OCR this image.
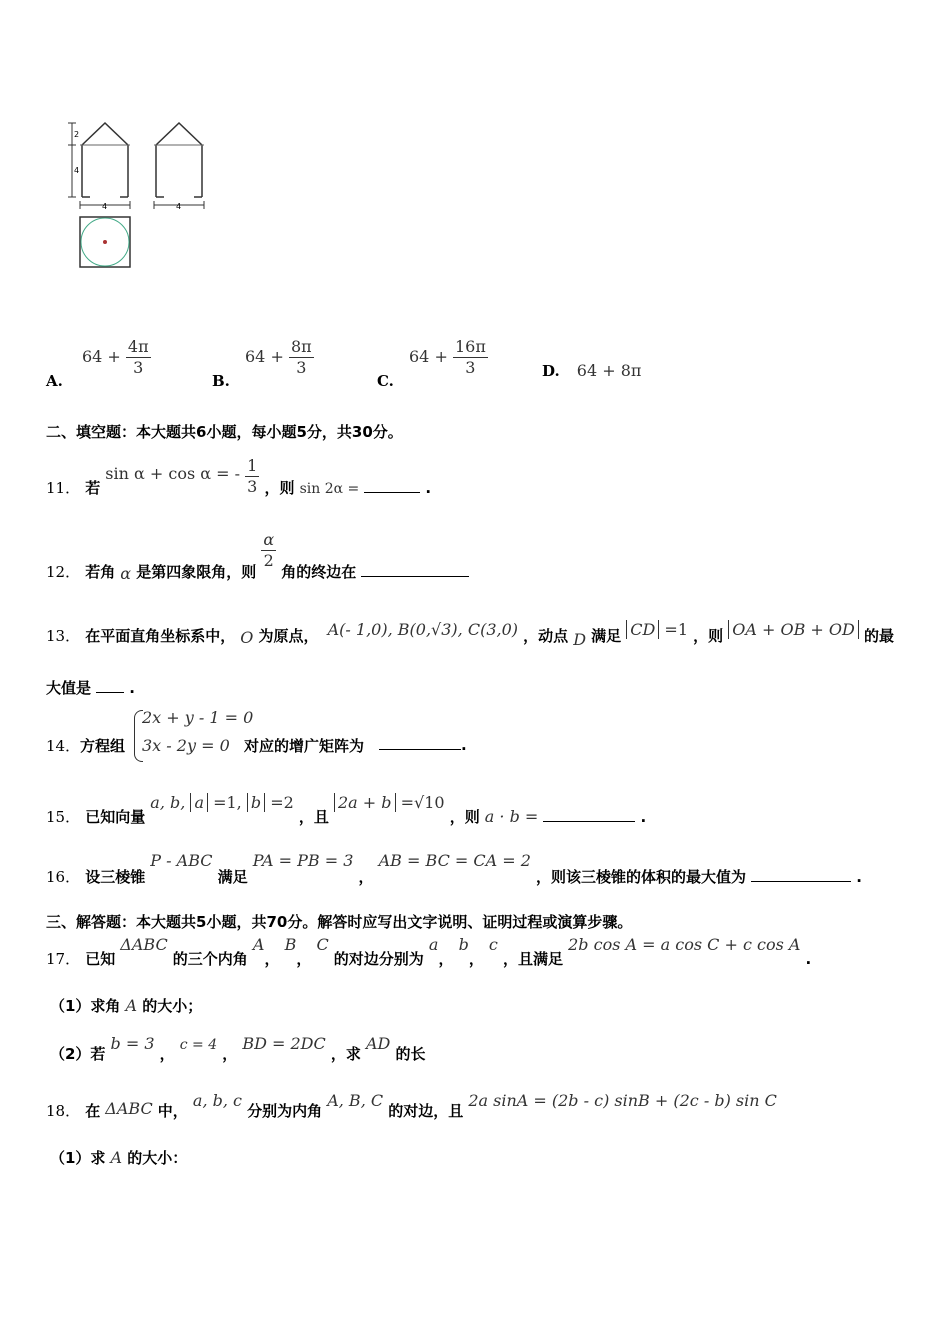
2
4
4	4
A. $64 + \frac{4\pi}{3}$
B. $64 + \frac{8\pi}{3}$
C. $64 + \frac{16\pi}{3}$	D. 64 + 8π
二、填空题：本大题共6小题，每小题5分，共30分。
11． 若 sin α + cos α = - $\frac{1}{3}$ ，则 sin 2α =	.
12． 若角 α 是第四象限角，则
$\frac{\alpha}{2}$
角的终边在
13． 在平面直角坐标系中， O 为原点， A(- 1,0), B(0,√3), C(3,0) ，动点 D 满足 CD =1 ，则 OA + OB + OD 的最
大值是	.
14． 方程组
2x + y - 1 = 0
3x - 2y = 0 对应的增广矩阵为	.
15． 已知向量 a, b, a =1, b =2 ，且 2a + b =√10 ，则 a · b =	.
16． 设三棱锥 P - ABC 满足 PA = PB = 3 ， AB = BC = CA = 2 ，则该三棱锥的体积的最大值为	.
三、解答题：本大题共5小题，共70分。解答时应写出文字说明、证明过程或演算步骤。
17． 已知 ΔABC 的三个内角 A， B， C 的对边分别为 a， b， c ，且满足 2b cos A = a cos C + c cos A .
（1）求角 A 的大小；
（2）若 b = 3 ， c = 4 ， BD = 2DC ，求 AD 的长
18． 在 ΔABC 中， a, b, c 分别为内角 A, B, C 的对边，且 2a sinA = (2b - c) sinB + (2c - b) sin C
（1）求 A 的大小：
